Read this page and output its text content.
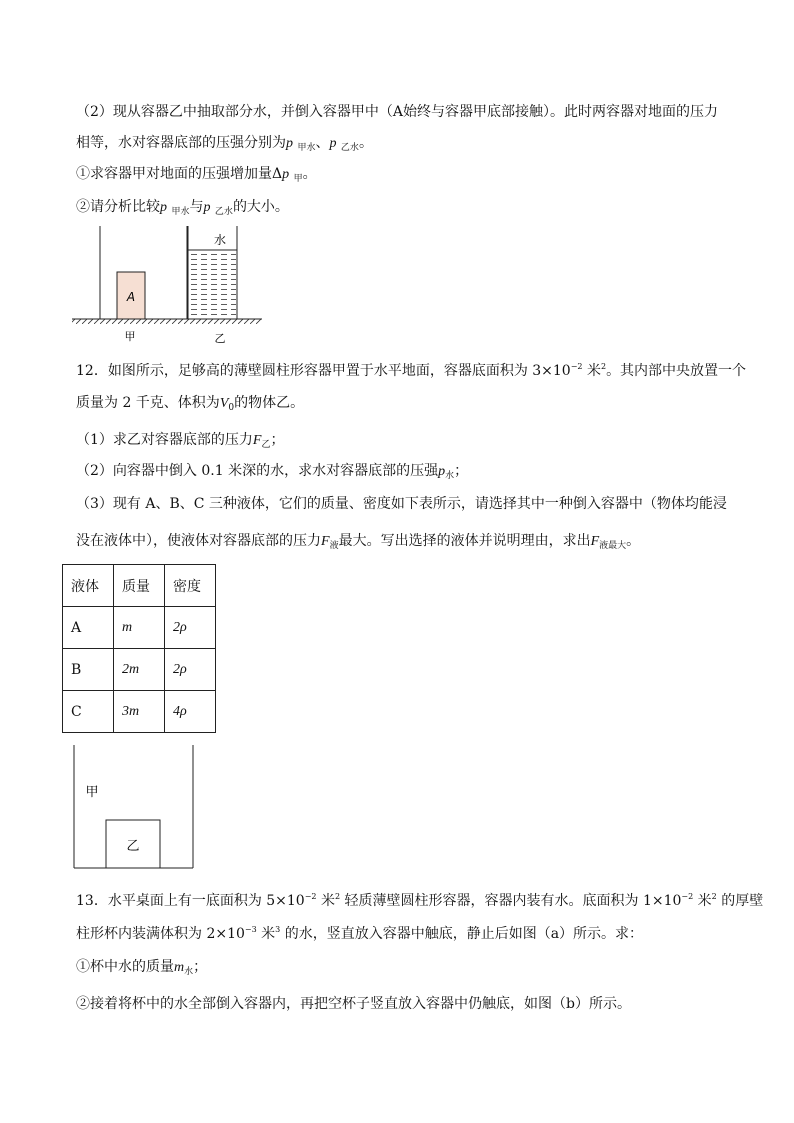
（2）现从容器乙中抽取部分水，并倒入容器甲中（A始终与容器甲底部接触）。此时两容器对地面的压力
相等，水对容器底部的压强分别为p $_{甲水}$、p $_{乙水}$。
①求容器甲对地面的压强增加量Δp $_甲$。
②请分析比较p $_{甲水}$与p $_{乙水}$的大小。
A
水
甲	乙
12．如图所示，足够高的薄壁圆柱形容器甲置于水平地面，容器底面积为 $3\times 10^{-2}$ 米$^2$。其内部中央放置一个
质量为 2 千克、体积为$V_0$的物体乙。
（1）求乙对容器底部的压力$F_乙$；
（2）向容器中倒入 0.1 米深的水，求水对容器底部的压强$p_水$；
（3）现有 A、B、C 三种液体，它们的质量、密度如下表所示，请选择其中一种倒入容器中（物体均能浸
没在液体中），使液体对容器底部的压力$F_液$最大。写出选择的液体并说明理由，求出$F_{液最大}$。
液体	质量	密度
A	m	2ρ
B	2m	2ρ
C	3m	4ρ
甲
乙
13．水平桌面上有一底面积为 $5\times 10^{-2}$ 米$^2$ 轻质薄壁圆柱形容器，容器内装有水。底面积为 $1\times 10^{-2}$ 米$^2$ 的厚壁
柱形杯内装满体积为 $2\times 10^{-3}$ 米$^3$ 的水，竖直放入容器中触底，静止后如图（a）所示。求：
①杯中水的质量$m_水$；
②接着将杯中的水全部倒入容器内，再把空杯子竖直放入容器中仍触底，如图（b）所示。
